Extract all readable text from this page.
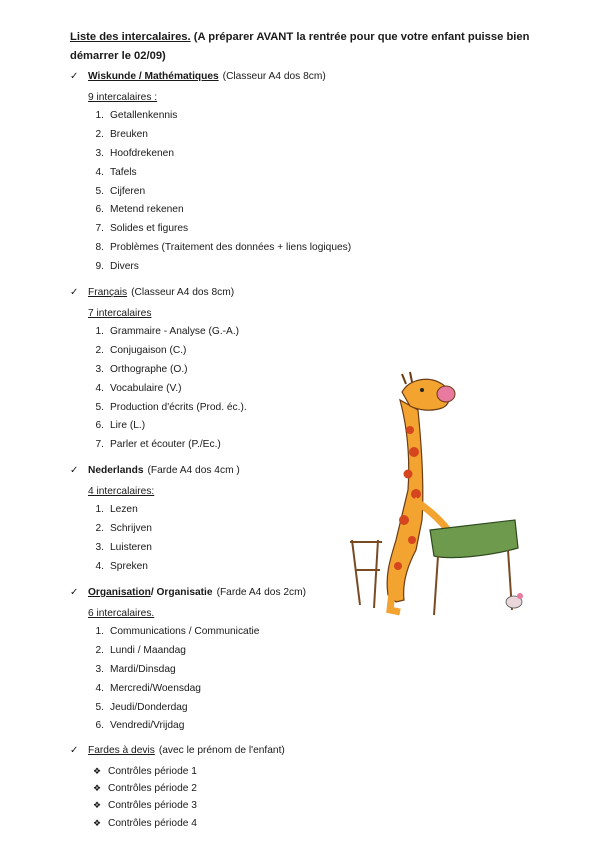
Liste des intercalaires. (A préparer AVANT la rentrée pour que votre enfant puisse bien démarrer le 02/09)
✓ Wiskunde / Mathématiques (Classeur A4 dos 8cm)
9 intercalaires :
1. Getallenkennis
2. Breuken
3. Hoofdrekenen
4. Tafels
5. Cijferen
6. Metend rekenen
7. Solides et figures
8. Problèmes (Traitement des données + liens logiques)
9. Divers
✓ Français (Classeur A4 dos 8cm)
7 intercalaires
1. Grammaire - Analyse (G.-A.)
2. Conjugaison (C.)
3. Orthographe (O.)
4. Vocabulaire (V.)
5. Production d'écrits (Prod. éc.).
6. Lire (L.)
7. Parler et écouter (P./Ec.)
✓ Nederlands (Farde A4 dos 4cm )
4 intercalaires:
1. Lezen
2. Schrijven
3. Luisteren
4. Spreken
✓ Organisation / Organisatie (Farde A4 dos 2cm)
6 intercalaires.
1. Communications / Communicatie
2. Lundi / Maandag
3. Mardi/Dinsdag
4. Mercredi/Woensdag
5. Jeudi/Donderdag
6. Vendredi/Vrijdag
✓ Fardes à devis (avec le prénom de l'enfant)
❖ Contrôles période 1
❖ Contrôles période 2
❖ Contrôles période 3
❖ Contrôles période 4
